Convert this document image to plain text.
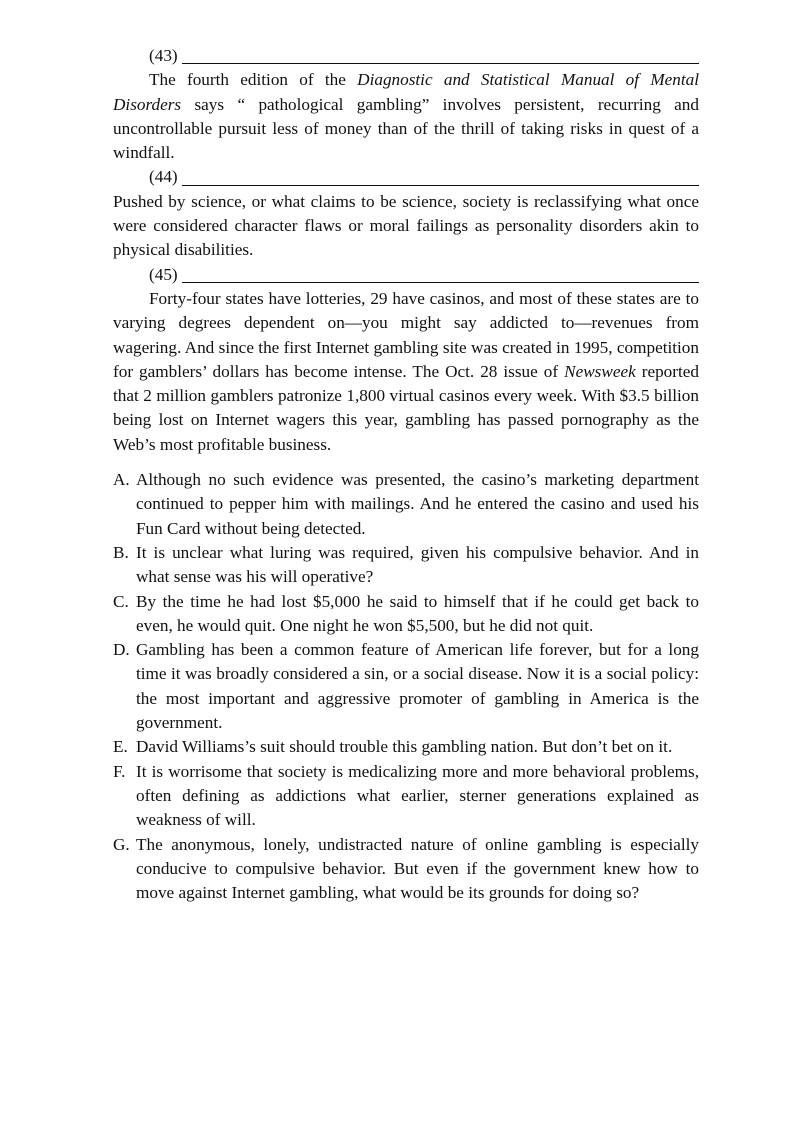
(43)

The fourth edition of the Diagnostic and Statistical Manual of Mental Disorders says “ pathological gambling” involves persistent, recurring and uncontrollable pursuit less of money than of the thrill of taking risks in quest of a windfall.

(44)

Pushed by science, or what claims to be science, society is reclassifying what once were considered character flaws or moral failings as personality disorders akin to physical disabilities.

(45)

Forty-four states have lotteries, 29 have casinos, and most of these states are to varying degrees dependent on—you might say addicted to—revenues from wagering. And since the first Internet gambling site was created in 1995, competition for gamblers’ dollars has become intense. The Oct. 28 issue of Newsweek reported that 2 million gamblers patronize 1,800 virtual casinos every week. With $3.5 billion being lost on Internet wagers this year, gambling has passed pornography as the Web’s most profitable business.

A. Although no such evidence was presented, the casino’s marketing department continued to pepper him with mailings. And he entered the casino and used his Fun Card without being detected.
B. It is unclear what luring was required, given his compulsive behavior. And in what sense was his will operative?
C. By the time he had lost $5,000 he said to himself that if he could get back to even, he would quit. One night he won $5,500, but he did not quit.
D. Gambling has been a common feature of American life forever, but for a long time it was broadly considered a sin, or a social disease. Now it is a social policy: the most important and aggressive promoter of gambling in America is the government.
E. David Williams’s suit should trouble this gambling nation. But don’t bet on it.
F. It is worrisome that society is medicalizing more and more behavioral problems, often defining as addictions what earlier, sterner generations explained as weakness of will.
G. The anonymous, lonely, undistracted nature of online gambling is especially conducive to compulsive behavior. But even if the government knew how to move against Internet gambling, what would be its grounds for doing so?
